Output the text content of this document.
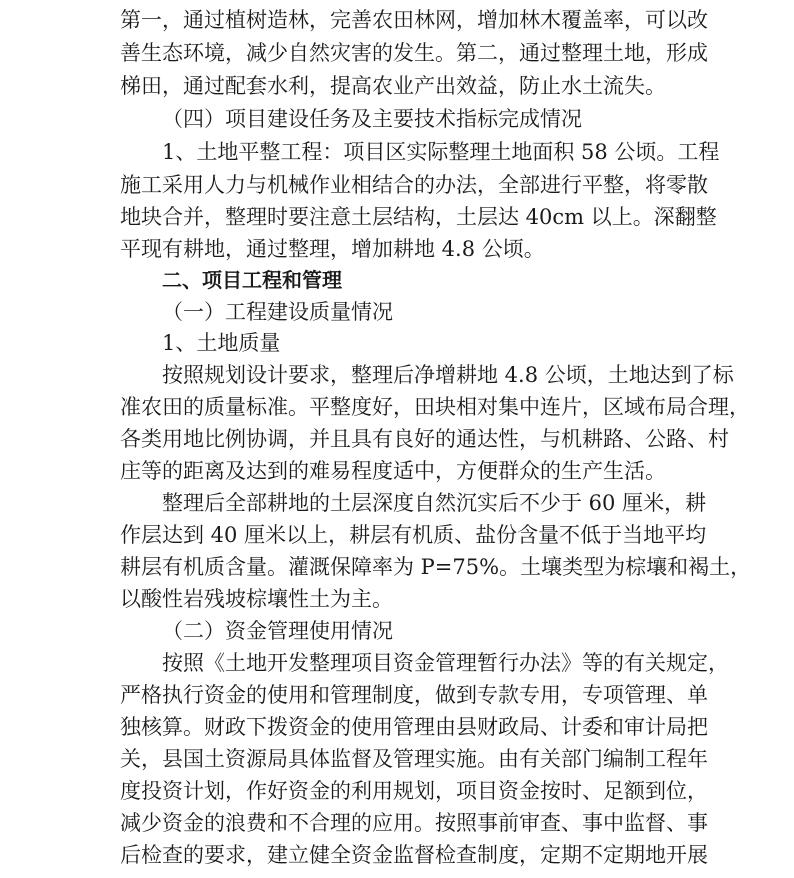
第一，通过植树造林，完善农田林网，增加林木覆盖率，可以改
善生态环境，减少自然灾害的发生。第二，通过整理土地，形成
梯田，通过配套水利，提高农业产出效益，防止水土流失。
（四）项目建设任务及主要技术指标完成情况
1、土地平整工程：项目区实际整理土地面积 58 公顷。工程
施工采用人力与机械作业相结合的办法，全部进行平整，将零散
地块合并，整理时要注意土层结构，土层达 40cm 以上。深翻整
平现有耕地，通过整理，增加耕地 4.8 公顷。
二、项目工程和管理
（一）工程建设质量情况
1、土地质量
按照规划设计要求，整理后净增耕地 4.8 公顷，土地达到了标
准农田的质量标准。平整度好，田块相对集中连片，区域布局合理，
各类用地比例协调，并且具有良好的通达性，与机耕路、公路、村
庄等的距离及达到的难易程度适中，方便群众的生产生活。
整理后全部耕地的土层深度自然沉实后不少于 60 厘米，耕
作层达到 40 厘米以上，耕层有机质、盐份含量不低于当地平均
耕层有机质含量。灌溉保障率为 P=75%。土壤类型为棕壤和褐土，
以酸性岩残坡棕壤性土为主。
（二）资金管理使用情况
按照《土地开发整理项目资金管理暂行办法》等的有关规定，
严格执行资金的使用和管理制度，做到专款专用，专项管理、单
独核算。财政下拨资金的使用管理由县财政局、计委和审计局把
关，县国土资源局具体监督及管理实施。由有关部门编制工程年
度投资计划，作好资金的利用规划，项目资金按时、足额到位，
减少资金的浪费和不合理的应用。按照事前审查、事中监督、事
后检查的要求，建立健全资金监督检查制度，定期不定期地开展
